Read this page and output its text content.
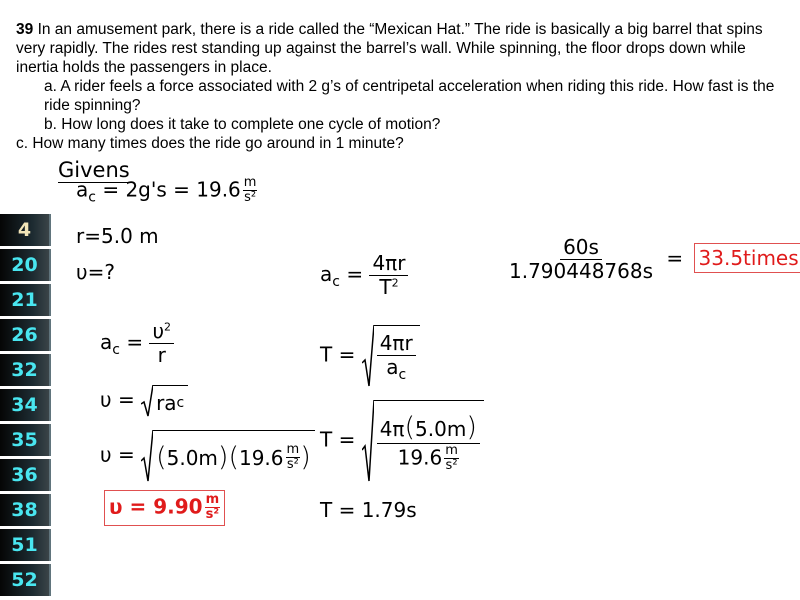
39 In an amusement park, there is a ride called the “Mexican Hat.” The ride is basically a big barrel that spins very rapidly. The rides rest standing up against the barrel’s wall. While spinning, the floor drops down while inertia holds the passengers in place.

a. A rider feels a force associated with 2 g’s of centripetal acceleration when riding this ride. How fast is the ride spinning?

b. How long does it take to complete one cycle of motion?

c. How many times does the ride go around in 1 minute?

Givens
$a_c = 2g's = 19.6 \frac{m}{\text{s²}}$
r=5.0 m
υ=?
$a_c = \frac{\upsilon^2}{r}$
υ = ra c
υ = ( 5.0m )( $19.6 \frac{m}{\text{s²}}$ )
$\upsilon = 9.90 \frac{m}{\text{s²}}$
$a_c = \frac{4\pi r}{T^2}$
$T = \frac{4\pi r}{a_c}$
$T = \frac{4\pi(5.0m)}{19.6 \frac{m}{\text{s²}}}$
T = 1.79s
$\frac{60s}{1.790448768s}$ = 33.5times
4
20
21
26
32
34
35
36
38
51
52
